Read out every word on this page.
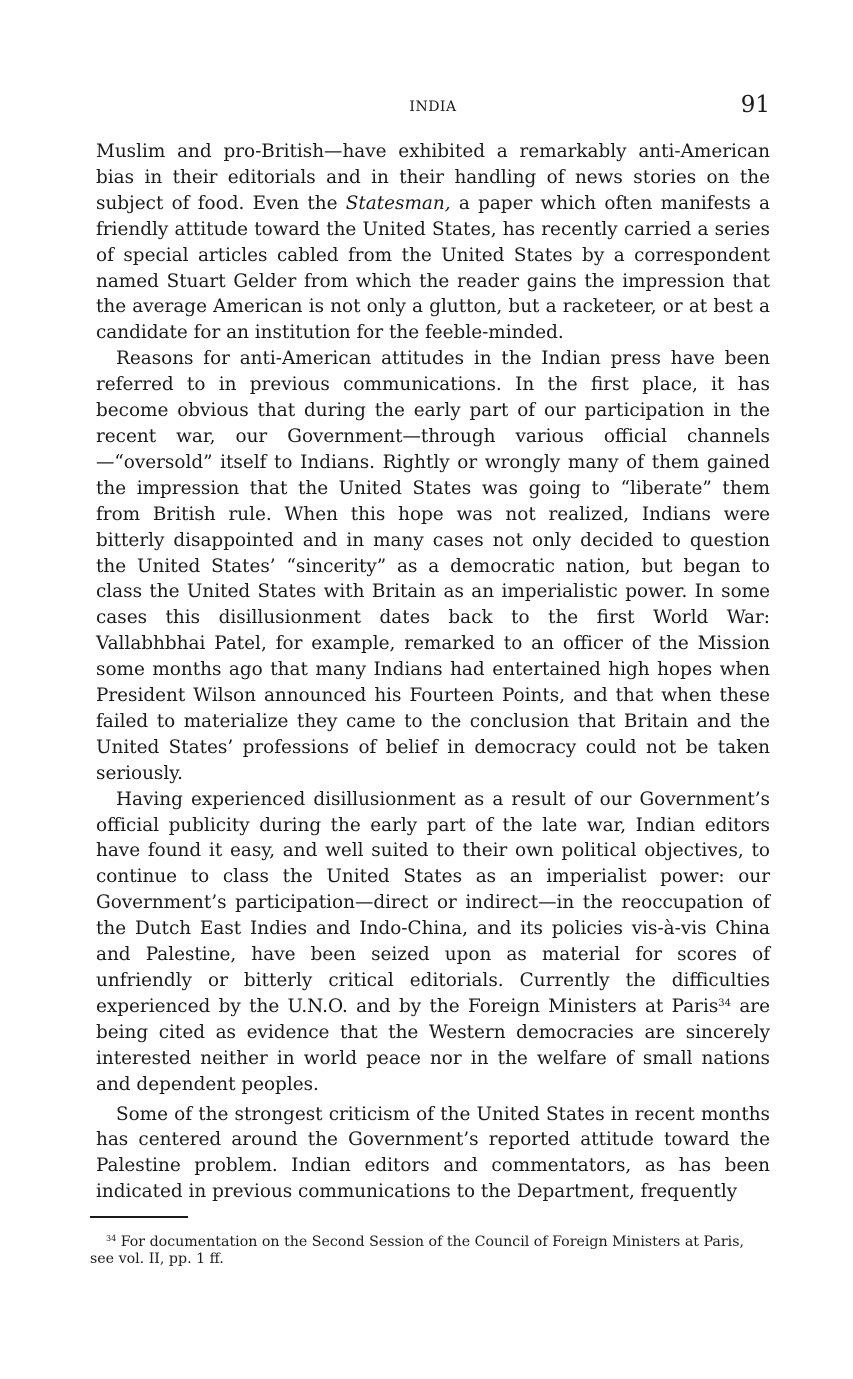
INDIA	91

Muslim and pro-British—have exhibited a remarkably anti-American bias in their editorials and in their handling of news stories on the subject of food. Even the Statesman, a paper which often manifests a friendly attitude toward the United States, has recently carried a series of special articles cabled from the United States by a correspondent named Stuart Gelder from which the reader gains the impression that the average American is not only a glutton, but a racketeer, or at best a candidate for an institution for the feeble-minded.

Reasons for anti-American attitudes in the Indian press have been referred to in previous communications. In the first place, it has become obvious that during the early part of our participation in the recent war, our Government—through various official channels—“oversold” itself to Indians. Rightly or wrongly many of them gained the impression that the United States was going to “liberate” them from British rule. When this hope was not realized, Indians were bitterly disappointed and in many cases not only decided to question the United States’ “sincerity” as a democratic nation, but began to class the United States with Britain as an imperialistic power. In some cases this disillusionment dates back to the first World War: Vallabhbhai Patel, for example, remarked to an officer of the Mission some months ago that many Indians had entertained high hopes when President Wilson announced his Fourteen Points, and that when these failed to materialize they came to the conclusion that Britain and the United States’ professions of belief in democracy could not be taken seriously.

Having experienced disillusionment as a result of our Government’s official publicity during the early part of the late war, Indian editors have found it easy, and well suited to their own political objectives, to continue to class the United States as an imperialist power: our Government’s participation—direct or indirect—in the reoccupation of the Dutch East Indies and Indo-China, and its policies vis-à-vis China and Palestine, have been seized upon as material for scores of unfriendly or bitterly critical editorials. Currently the difficulties experienced by the U.N.O. and by the Foreign Ministers at Paris$^{34}$ are being cited as evidence that the Western democracies are sincerely interested neither in world peace nor in the welfare of small nations and dependent peoples.

Some of the strongest criticism of the United States in recent months has centered around the Government’s reported attitude toward the Palestine problem. Indian editors and commentators, as has been indicated in previous communications to the Department, frequently

$^{34}$ For documentation on the Second Session of the Council of Foreign Ministers at Paris, see vol. II, pp. 1 ff.
